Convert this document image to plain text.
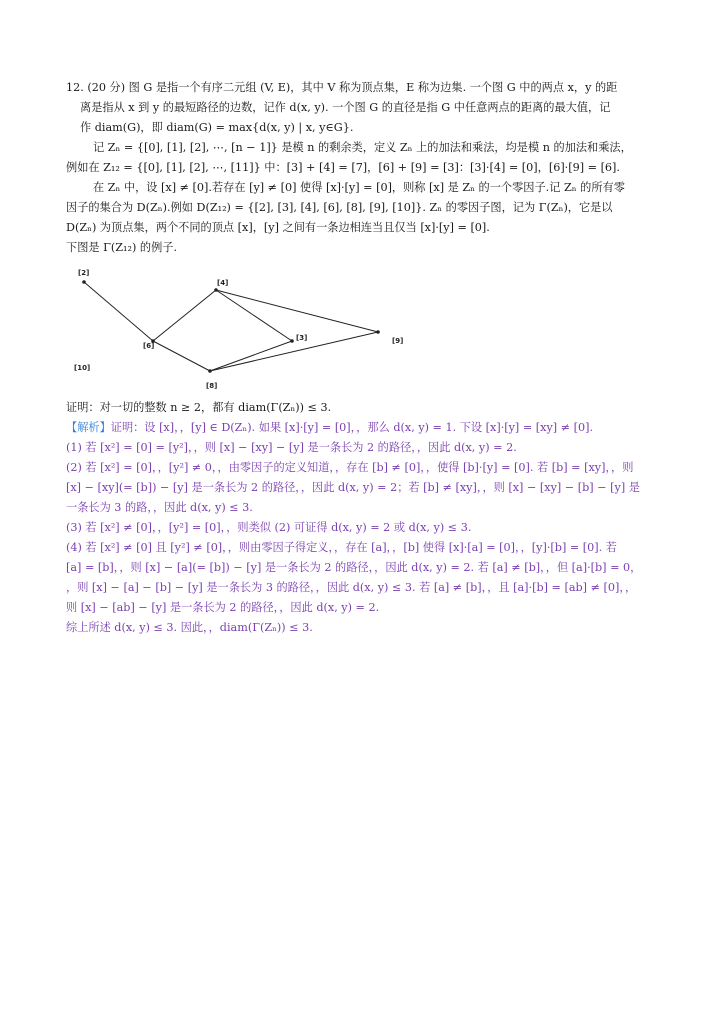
12. (20 分) 图 G 是指一个有序二元组 (V, E)，其中 V 称为顶点集，E 称为边集. 一个图 G 中的两点 x，y 的距
离是指从 x 到 y 的最短路径的边数，记作 d(x, y). 一个图 G 的直径是指 G 中任意两点的距离的最大值，记
作 diam(G)，即 diam(G) = max{d(x, y) | x, y∈G}.
记 Zₙ = {[0], [1], [2], ⋯, [n − 1]} 是模 n 的剩余类，定义 Zₙ 上的加法和乘法，均是模 n 的加法和乘法，
例如在 Z₁₂ = {[0], [1], [2], ⋯, [11]} 中：[3] + [4] = [7]，[6] + [9] = [3]：[3]·[4] = [0]，[6]·[9] = [6].
在 Zₙ 中，设 [x] ≠ [0].若存在 [y] ≠ [0] 使得 [x]·[y] = [0]，则称 [x] 是 Zₙ 的一个零因子.记 Zₙ 的所有零
因子的集合为 D(Zₙ).例如 D(Z₁₂) = {[2], [3], [4], [6], [8], [9], [10]}. Zₙ 的零因子图，记为 Γ(Zₙ)，它是以
D(Zₙ) 为顶点集，两个不同的顶点 [x]，[y] 之间有一条边相连当且仅当 [x]·[y] = [0].
下图是 Γ(Z₁₂) 的例子.
[2]
[4]
[6]
[3]	[9]
[10]
[8]
证明：对一切的整数 n ≥ 2，都有 diam(Γ(Zₙ)) ≤ 3.
【解析】证明：设 [x]，，[y] ∈ D(Zₙ). 如果 [x]·[y] = [0]，，那么 d(x, y) = 1. 下设 [x]·[y] = [xy] ≠ [0].
(1) 若 [x²] = [0] = [y²]，，则 [x] − [xy] − [y] 是一条长为 2 的路径，，因此 d(x, y) = 2.
(2) 若 [x²] = [0]，，[y²] ≠ 0，，由零因子的定义知道，，存在 [b] ≠ [0]，，使得 [b]·[y] = [0]. 若 [b] = [xy]，，则
[x] − [xy](= [b]) − [y] 是一条长为 2 的路径，，因此 d(x, y) = 2；若 [b] ≠ [xy]，，则 [x] − [xy] − [b] − [y] 是
一条长为 3 的路，，因此 d(x, y) ≤ 3.
(3) 若 [x²] ≠ [0]，，[y²] = [0]，，则类似 (2) 可证得 d(x, y) = 2 或 d(x, y) ≤ 3.
(4) 若 [x²] ≠ [0] 且 [y²] ≠ [0]，，则由零因子得定义，，存在 [a]，，[b] 使得 [x]·[a] = [0]，，[y]·[b] = [0]. 若
[a] = [b]，，则 [x] − [a](= [b]) − [y] 是一条长为 2 的路径，，因此 d(x, y) = 2. 若 [a] ≠ [b]，，但 [a]·[b] = 0，
，则 [x] − [a] − [b] − [y] 是一条长为 3 的路径，，因此 d(x, y) ≤ 3. 若 [a] ≠ [b]，，且 [a]·[b] = [ab] ≠ [0]，，
则 [x] − [ab] − [y] 是一条长为 2 的路径，，因此 d(x, y) = 2.
综上所述 d(x, y) ≤ 3. 因此，，diam(Γ(Zₙ)) ≤ 3.
